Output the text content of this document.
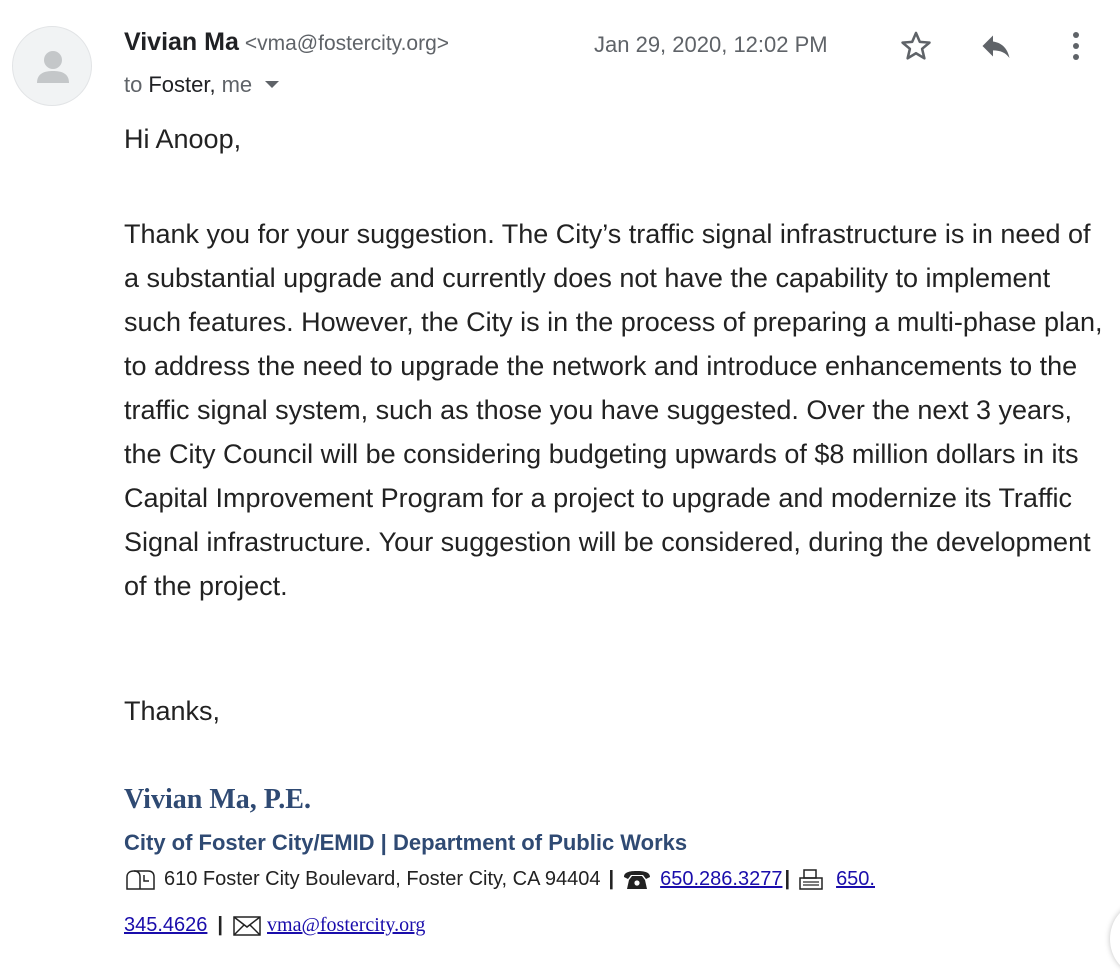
Vivian Ma <vma@fostercity.org>	Jan 29, 2020, 12:02 PM
to Foster, me
Hi Anoop,
Thank you for your suggestion. The City’s traffic signal infrastructure is in need of a substantial upgrade and currently does not have the capability to implement such features. However, the City is in the process of preparing a multi-phase plan, to address the need to upgrade the network and introduce enhancements to the traffic signal system, such as those you have suggested. Over the next 3 years, the City Council will be considering budgeting upwards of $8 million dollars in its Capital Improvement Program for a project to upgrade and modernize its Traffic Signal infrastructure. Your suggestion will be considered, during the development of the project.
Thanks,
Vivian Ma, P.E.
City of Foster City/EMID | Department of Public Works
610 Foster City Boulevard, Foster City, CA 94404 | 650.286.3277 | 650.
345.4626 | vma@fostercity.org
